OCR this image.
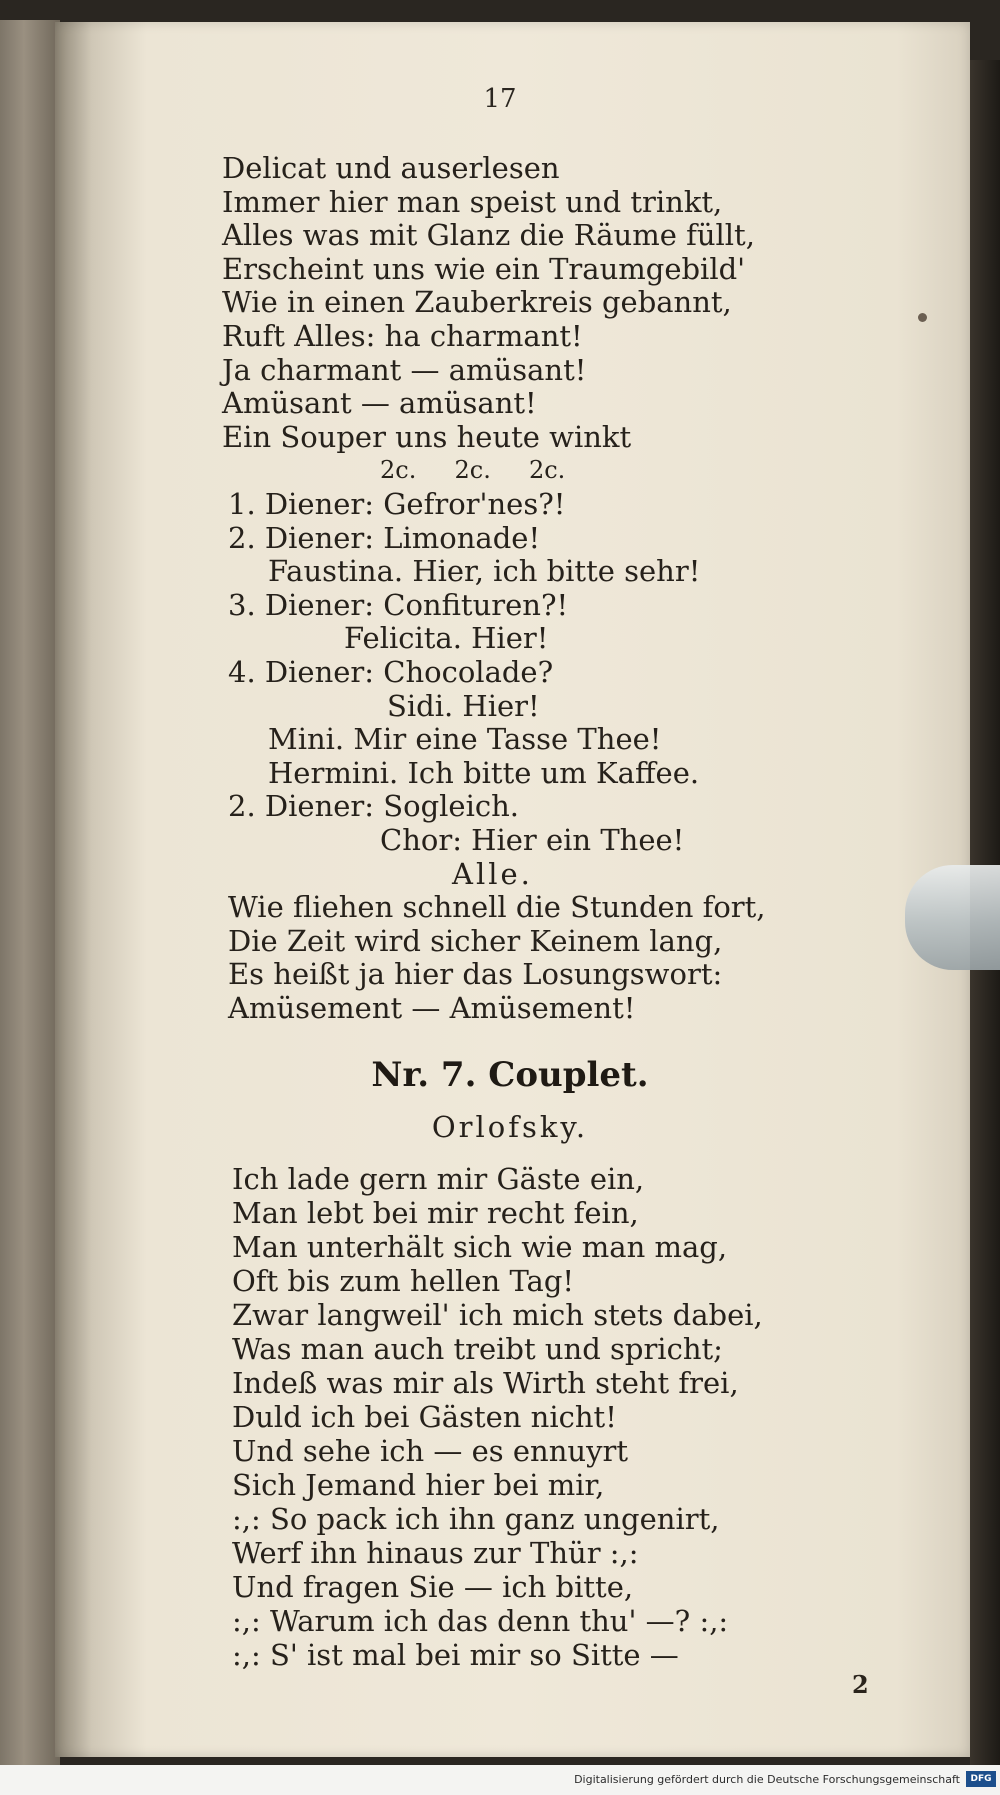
17
Delicat und auserlesen
Immer hier man speist und trinkt,
Alles was mit Glanz die Räume füllt,
Erscheint uns wie ein Traumgebild'
Wie in einen Zauberkreis gebannt,
Ruft Alles: ha charmant!
Ja charmant — amüsant!
Amüsant — amüsant!
Ein Souper uns heute winkt
2c.     2c.     2c.
1. Diener: Gefror'nes?!
2. Diener: Limonade!
Faustina. Hier, ich bitte sehr!
3. Diener: Confituren?!
Felicita. Hier!
4. Diener: Chocolade?
Sidi. Hier!
Mini. Mir eine Tasse Thee!
Hermini. Ich bitte um Kaffee.
2. Diener: Sogleich.
Chor: Hier ein Thee!
Alle.
Wie fliehen schnell die Stunden fort,
Die Zeit wird sicher Keinem lang,
Es heißt ja hier das Losungswort:
Amüsement — Amüsement!
Nr. 7. Couplet.
Orlofsky.
Ich lade gern mir Gäste ein,
Man lebt bei mir recht fein,
Man unterhält sich wie man mag,
Oft bis zum hellen Tag!
Zwar langweil' ich mich stets dabei,
Was man auch treibt und spricht;
Indeß was mir als Wirth steht frei,
Duld ich bei Gästen nicht!
Und sehe ich — es ennuyrt
Sich Jemand hier bei mir,
:,: So pack ich ihn ganz ungenirt,
Werf ihn hinaus zur Thür :,:
Und fragen Sie — ich bitte,
:,: Warum ich das denn thu' —? :,:
:,: S' ist mal bei mir so Sitte —
2
Digitalisierung gefördert durch die Deutsche Forschungsgemeinschaft	DFG
